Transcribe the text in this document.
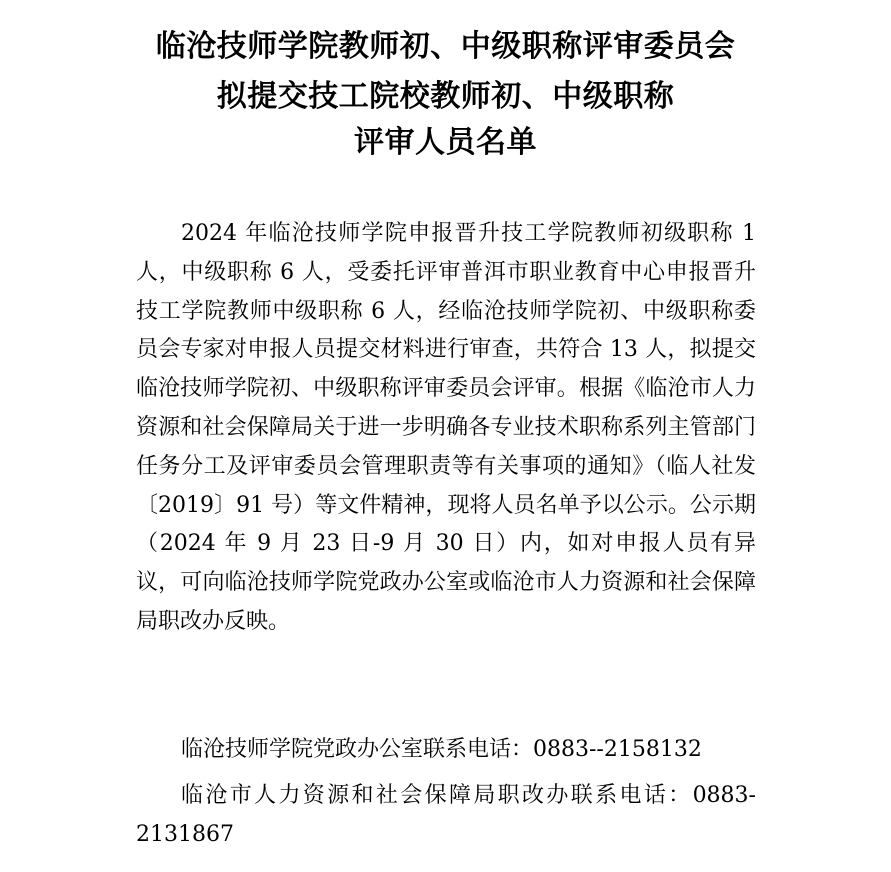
临沧技师学院教师初、中级职称评审委员会
拟提交技工院校教师初、中级职称
评审人员名单

2024 年临沧技师学院申报晋升技工学院教师初级职称 1 人，中级职称 6 人，受委托评审普洱市职业教育中心申报晋升技工学院教师中级职称 6 人，经临沧技师学院初、中级职称委员会专家对申报人员提交材料进行审查，共符合 13 人，拟提交临沧技师学院初、中级职称评审委员会评审。根据《临沧市人力资源和社会保障局关于进一步明确各专业技术职称系列主管部门任务分工及评审委员会管理职责等有关事项的通知》（临人社发〔2019〕91 号）等文件精神，现将人员名单予以公示。公示期（2024 年 9 月 23 日-9 月 30 日）内，如对申报人员有异议，可向临沧技师学院党政办公室或临沧市人力资源和社会保障局职改办反映。

临沧技师学院党政办公室联系电话：0883--2158132

临沧市人力资源和社会保障局职改办联系电话：0883-2131867
